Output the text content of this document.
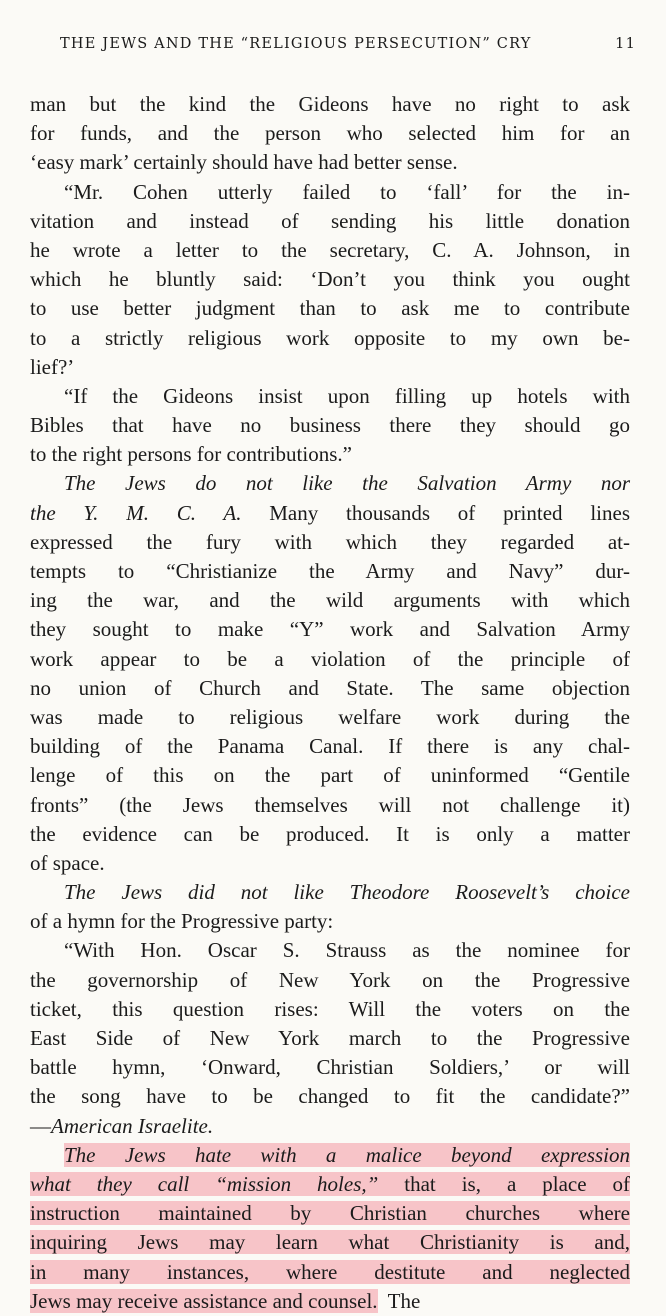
THE JEWS AND THE “RELIGIOUS PERSECUTION” CRY	11
man but the kind the Gideons have no right to ask
for funds, and the person who selected him for an
‘easy mark’ certainly should have had better sense.
“Mr. Cohen utterly failed to ‘fall’ for the in-
vitation and instead of sending his little donation
he wrote a letter to the secretary, C. A. Johnson, in
which he bluntly said: ‘Don’t you think you ought
to use better judgment than to ask me to contribute
to a strictly religious work opposite to my own be-
lief?’
“If the Gideons insist upon filling up hotels with
Bibles that have no business there they should go
to the right persons for contributions.”
The Jews do not like the Salvation Army nor
the Y. M. C. A. Many thousands of printed lines
expressed the fury with which they regarded at-
tempts to “Christianize the Army and Navy” dur-
ing the war, and the wild arguments with which
they sought to make “Y” work and Salvation Army
work appear to be a violation of the principle of
no union of Church and State. The same objection
was made to religious welfare work during the
building of the Panama Canal. If there is any chal-
lenge of this on the part of uninformed “Gentile
fronts” (the Jews themselves will not challenge it)
the evidence can be produced. It is only a matter
of space.
The Jews did not like Theodore Roosevelt’s choice
of a hymn for the Progressive party:
“With Hon. Oscar S. Strauss as the nominee for
the governorship of New York on the Progressive
ticket, this question rises: Will the voters on the
East Side of New York march to the Progressive
battle hymn, ‘Onward, Christian Soldiers,’ or will
the song have to be changed to fit the candidate?”
—American Israelite.
The Jews hate with a malice beyond expression
what they call “mission holes,” that is, a place of
instruction maintained by Christian churches where
inquiring Jews may learn what Christianity is and,
in many instances, where destitute and neglected
Jews may receive assistance and counsel.  The
